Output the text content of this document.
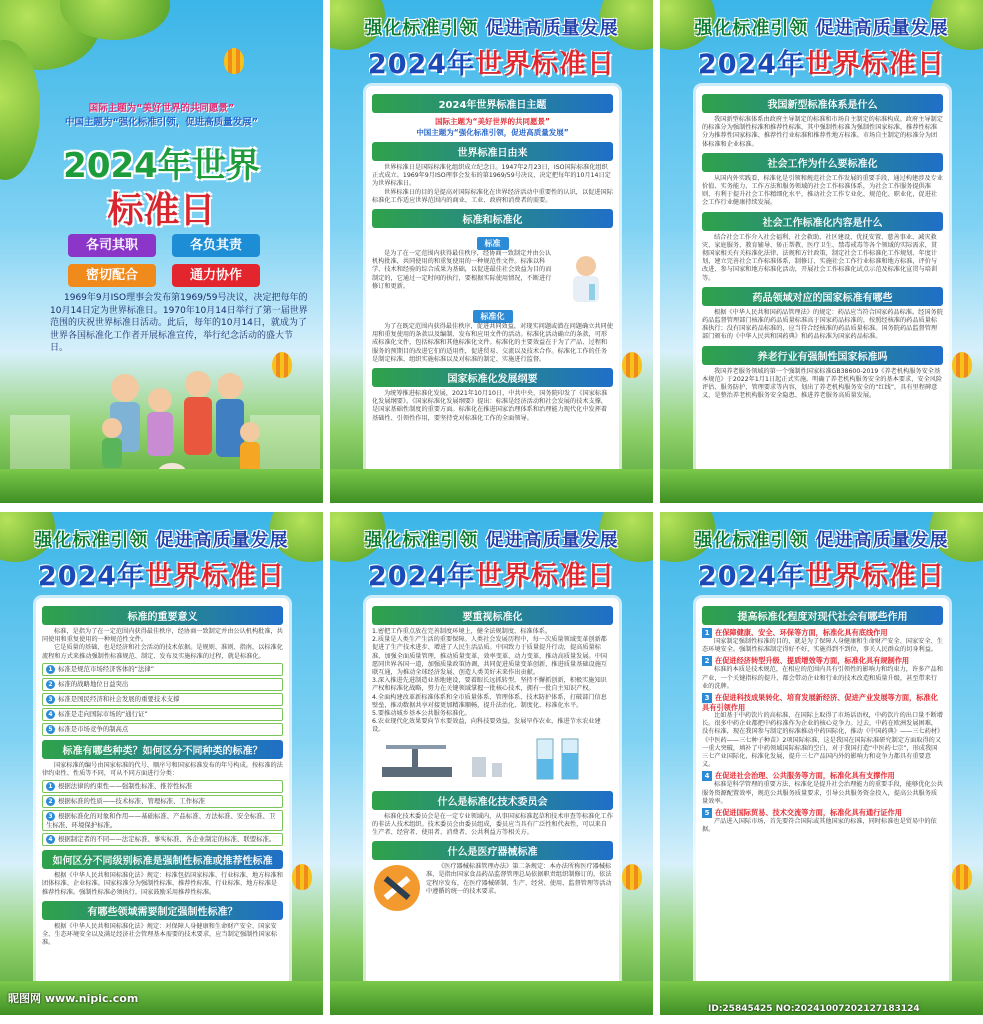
国际主题为“美好世界的共同愿景”
中国主题为“强化标准引领，促进高质量发展”
2024年世界
标准日
各司其职	各负其责
密切配合	通力协作
1969年9月ISO理事会发布第1969/59号决议，决定把每年的10月14日定为世界标准日。1970年10月14日举行了第一届世界范围的庆祝世界标准日活动。此后，每年的10月14日，就成为了世界各国标准化工作者开展标准宣传，举行纪念活动的盛大节日。
强化标准引领 促进高质量发展
2024年世界标准日
2024年世界标准日主题
国际主题为“美好世界的共同愿景”
中国主题为“强化标准引领，促进高质量发展”
世界标准日由来

世界标准日是国际标准化组织成立纪念日。1947年2月23日，ISO国际标准化组织正式成立。1969年9月ISO理事会发布的第1969/59号决议，决定把每年的10月14日定为世界标准日。

世界标准日的目的是提高对国际标准化在世界经济活动中重要性的认识，以促进国际标准化工作适应世界范围内的商业、工业、政府和消费者的需要。

标准和标准化
标准

是为了在一定范围内获得最佳秩序，经协商一致制定并由公认机构批准，共同使用的和重复使用的一种规范性文件。标准以科学、技术和经验的综合成果为基础，以促进最佳社会效益为目的而制定的，它通过一定时间的执行，要根据实际使用情况，不断进行修订和更新。

标准化

为了在既定范围内获得最佳秩序，促进共同效益，对现实问题或潜在问题确立共同使用和重复使用的条款以及编制、发布和应用文件的活动。标准化活动确立的条款，可形成标准化文件，包括标准和其他标准化文件。标准化的主要效益在于为了产品、过程和服务的预期目的改进它们的适用性，促进贸易、交流以及技术合作。标准化工作的任务是制定标准、组织实施标准以及对标准的制定、实施进行监督。

国家标准化发展纲要

为统筹推进标准化发展，2021年10月10日，中共中央、国务院印发了《国家标准化发展纲要》。《国家标准化发展纲要》提出：标准是经济活动和社会发展的技术支撑，是国家基础性制度的重要方面。标准化在推进国家治理体系和治理能力现代化中发挥着基础性、引领性作用，要坚持党对标准化工作的全面领导。

强化标准引领 促进高质量发展
2024年世界标准日
我国新型标准体系是什么

我国新型标准体系由政府主导制定的标准和市场自主制定的标准构成。政府主导制定的标准分为强制性标准和推荐性标准，其中强制性标准为强制性国家标准，推荐性标准分为推荐性国家标准、推荐性行业标准和推荐性地方标准。市场自主制定的标准分为团体标准和企业标准。

社会工作为什么要标准化

从国内外实践看，标准化是引领和规范社会工作发展的重要手段，通过构建涉及专业价值、实务能力、工作方法和服务领域的社会工作标准体系，为社会工作服务提供准则、有利于提升社会工作精细化水平，推动社会工作专业化、规范化、职业化，促进社会工作行业健康持续发展。

社会工作标准化内容是什么

结合社会工作介入社会福利、社会救助、社区建设、优抚安置、慈善事业、减灾救灾、家庭服务、教育辅导、矫正帮教、医疗卫生、禁毒戒毒等各个领域的实际需求，贯彻国家相关有关标准化法律、法规和方针政策，制定社会工作标准化工作规划、年度计划，建立完善社会工作标准体系，制修订、实施社会工作行业标准和地方标准，评价与改进、参与国家和地方标准化活动，开展社会工作标准化试点示范及标准化宣贯与培训等。

药品领域对应的国家标准有哪些

根据《中华人民共和国药品管理法》的规定：药品应当符合国家药品标准。经国务院药品监督管理部门核准的药品质量标准高于国家药品标准的，按照经核准的药品质量标准执行；没有国家药品标准的，应当符合经核准的药品质量标准。国务院药品监督管理部门颁布的《中华人民共和国药典》和药品标准为国家药品标准。

养老行业有强制性国家标准吗

我国养老服务领域的第一个强制性国家标准GB38600-2019《养老机构服务安全基本规范》于2022年1月1日起正式实施。明确了养老机构服务安全的基本要求、安全风险评估、服务防护、管理要求等内容，划出了养老机构服务安全的“红线”，具有里程碑意义，是整治养老机构服务安全隐患、推进养老服务高质量发展。

强化标准引领 促进高质量发展
2024年世界标准日
标准的重要意义

标准，是指为了在一定范围内获得最佳秩序，经协商一致制定并由公认机构批准，共同使用和重复使用的一种规范性文件。

它是质量的基础，也是经济和社会活动的技术依据。是规则、准则、指南，以标准化流程和方式来推动强制性标准规范、制定、发布及实施标准的过程，就是标准化。

1 标准是规范市场经济客体的“法律”
2 标准的战略地位日益突出
3 标准是国民经济和社会发展的重要技术支撑
4 标准是走向国际市场的“通行证”
5 标准是市场竞争的制高点
标准有哪些种类？如何区分不同种类的标准？

国家标准的编号由国家标准的代号、顺序号和国家标准发布的年号构成。按标准的法律约束性、性质等不同，可从不同方面进行分类：

1 根据法律的约束性——强制性标准、推荐性标准
2 根据标准的性质——技术标准、管理标准、工作标准
3 根据标准化的对象和作用——基础标准、产品标准、方法标准、安全标准、卫生标准、环境保护标准。
4 根据制定者的不同——法定标准、事实标准、各企业制定的标准、联盟标准。
如何区分不同级别标准是强制性标准或推荐性标准

根据《中华人民共和国标准化法》规定：标准包括国家标准、行业标准、地方标准和团体标准、企业标准。国家标准分为强制性标准、推荐性标准，行业标准、地方标准是推荐性标准。强制性标准必须执行。国家鼓励采用推荐性标准。

有哪些领域需要制定强制性标准？

根据《中华人民共和国标准化法》规定：对保障人身健康和生命财产安全、国家安全、生态环境安全以及满足经济社会管理基本需要的技术要求，应当制定强制性国家标准。

强化标准引领 促进高质量发展
2024年世界标准日
要重视标准化

1.密把工作重点放在完善制度环境上，健全法规制度、标准体系。

2.质量是人类生产生活的重要保障。人类社会发展历程中，每一次质量领域变革创新都促进了生产技术进步、增进了人民生活品质。中国致力于质量提升行动，提高质量标准，加强全面质量管理，推动质量变革、效率变革、动力变革，推动高质量发展。中国愿同世界各国一道，加强质量政策协调，共同促进质量变革创新、推进质量基础设施互联互通，为推动全球经济发展、创造人类美好未来作出贡献。

3.深入推进先进制造业基地建设，要着眼长远抓转型，坚持不懈抓创新，积极实施知识产权和标准化战略，努力在关键领域掌握一批核心技术，拥有一批自主知识产权。

4.全面构建改革新标准体系和全市质量体系、管理体系、技术防护体系，打破部门信息壁垒，推动数据共享对接更加精准顺畅，提升法治化、制度化、标准化水平。

5.要推动城乡基本公共服务标准化。

6.农业现代化效果要向节水要效益，向科技要效益，发展旱作农业，推进节水农业建设。

什么是标准化技术委员会

标准化技术委员会是在一定专业领域内，从事国家标准起草和技术审查等标准化工作的非法人技术组织。技术委员会由委员组成，委员应当具有广泛性和代表性，可以来自生产者、经营者、使用者、消费者、公共利益方等相关方。

什么是医疗器械标准

《医疗器械标准管理办法》第二条规定：本办法所称医疗器械标准，是指由国家食品药品监督管理总局依据职责组织制修订的，依法定程序发布，在医疗器械研制、生产、经营、使用、监督管理等活动中遵循的统一的技术要求。

强化标准引领 促进高质量发展
2024年世界标准日
提高标准化程度对现代社会有哪些作用
1 在保障健康、安全、环保等方面，标准化具有底线作用

国家制定强制性标准的目的，就是为了保障人身健康和生命财产安全、国家安全、生态环境安全。强制性标准制定得好不好，实施得到不到位，事关人民群众的切身利益。

2 在促进经济转型升级、提质增效等方面，标准化具有规制作用

标准的本质是技术规范，在相应的范围内具有引领性的影响力和约束力，许多产品和产业，一个关键指标的提升，都会带动企业和行业的技术改造和质量升级，甚至带来行业的洗牌。

3 在促进科技成果转化、培育发展新经济、促进产业发展等方面，标准化具有引领作用

比如基于中药饮片的高标准，在国际上取得了市场话语权，中药饮片的出口量不断增长。很多中药企业都把中药标准作为企业的核心竞争力。过去，中药在欧洲发展困难，没有标准，现在我国参与制定的标准推动中药国际化，推动《中国药典》——三七药材》《中医药——三七种子种苗》2项国际标准，这是我国在国际标准研究制定方面取得的又一重大突破，填补了中药领域国际标准的空白，对于我国打造“中医药七宗”，形成我国三七产业国际化、标准化发展，提升三七产品国内外的影响力和竞争力都具有重要意义。

4 在促进社会治理、公共服务等方面，标准化具有支撑作用

标准是科学管理的重要方法，标准化是提升社会治理能力的重要手段，能够优化公共服务资源配置效率，规范公共服务质量要求，引导公共服务资金投入，提高公共服务质量效率。

5 在促进国际贸易、技术交流等方面，标准化具有通行证作用

产品进入国际市场，首先要符合国际或其他国家的标准，同时标准也是贸易中的依据。

昵图网 www.nipic.com
ID:25845425 NO:20241007202127183124
